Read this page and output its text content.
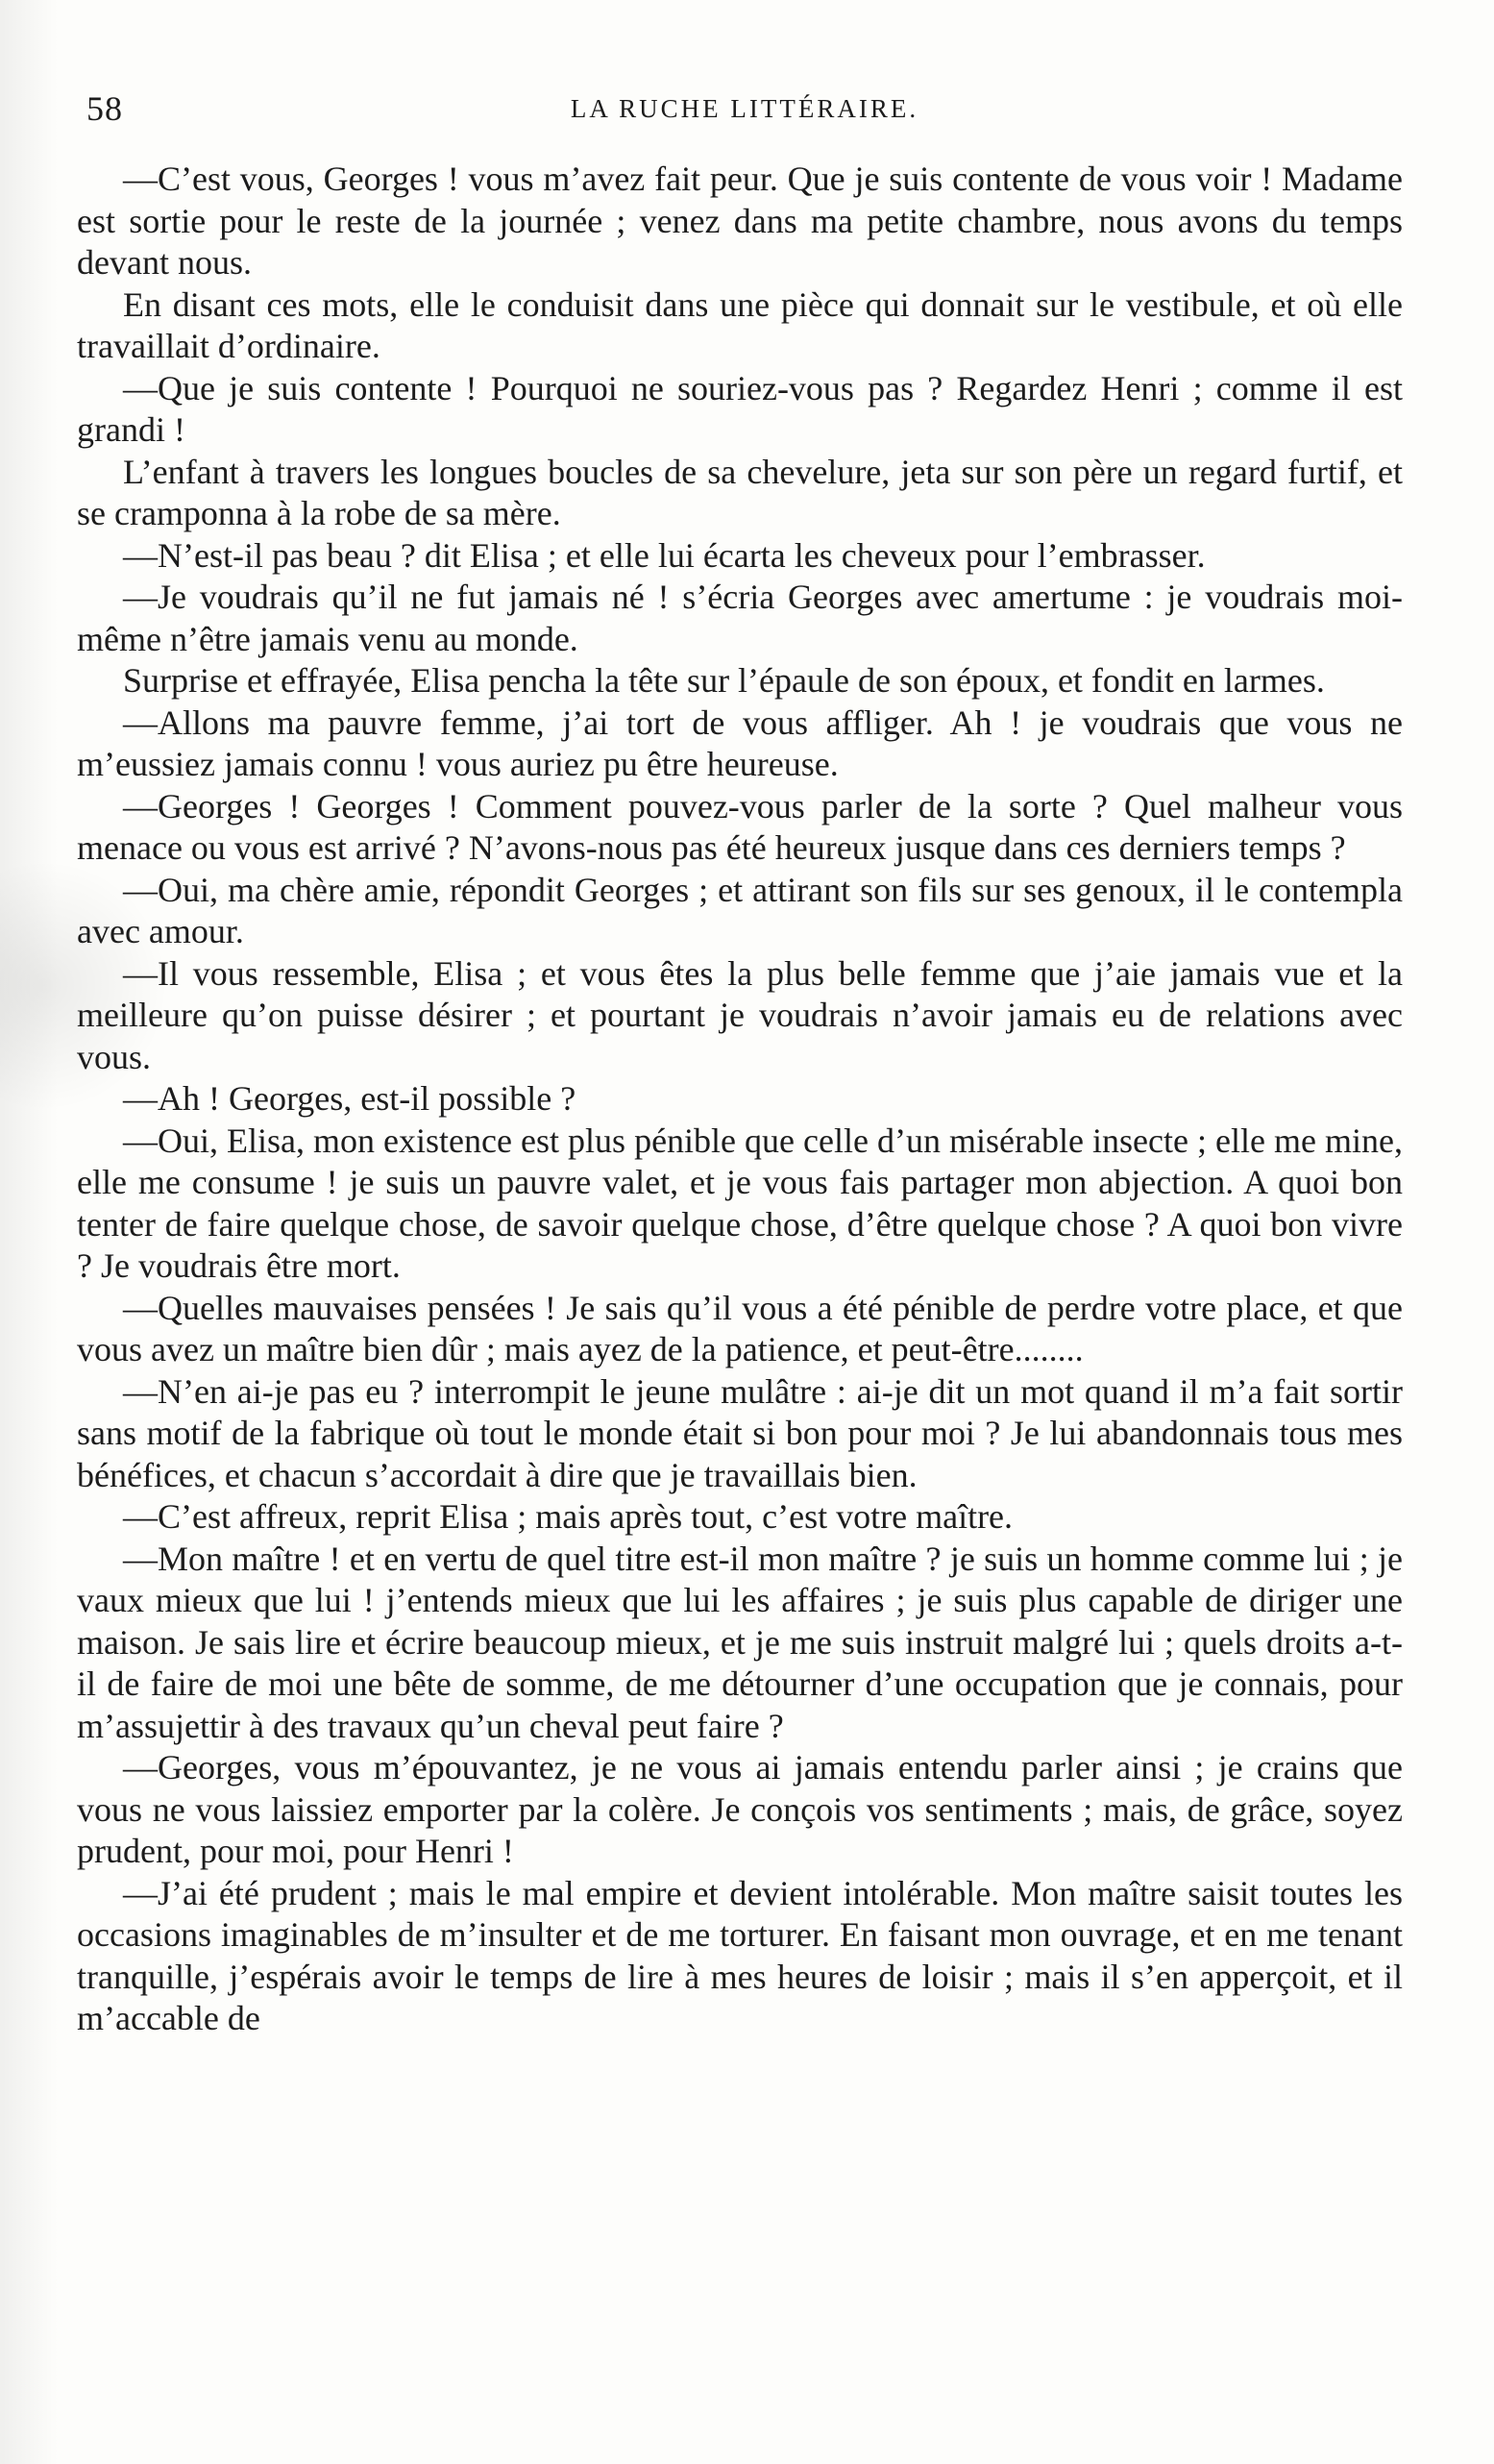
58	LA RUCHE LITTÉRAIRE.

—C’est vous, Georges ! vous m’avez fait peur. Que je suis contente de vous voir ! Madame est sortie pour le reste de la journée ; venez dans ma petite chambre, nous avons du temps devant nous.

En disant ces mots, elle le conduisit dans une pièce qui donnait sur le vestibule, et où elle travaillait d’ordinaire.

—Que je suis contente ! Pourquoi ne souriez-vous pas ? Regardez Henri ; comme il est grandi !

L’enfant à travers les longues boucles de sa chevelure, jeta sur son père un regard furtif, et se cramponna à la robe de sa mère.

—N’est-il pas beau ? dit Elisa ; et elle lui écarta les cheveux pour l’embrasser.

—Je voudrais qu’il ne fut jamais né ! s’écria Georges avec amertume : je voudrais moi-même n’être jamais venu au monde.

Surprise et effrayée, Elisa pencha la tête sur l’épaule de son époux, et fondit en larmes.

—Allons ma pauvre femme, j’ai tort de vous affliger. Ah ! je voudrais que vous ne m’eussiez jamais connu ! vous auriez pu être heureuse.

—Georges ! Georges ! Comment pouvez-vous parler de la sorte ? Quel malheur vous menace ou vous est arrivé ? N’avons-nous pas été heureux jusque dans ces derniers temps ?

—Oui, ma chère amie, répondit Georges ; et attirant son fils sur ses genoux, il le contempla avec amour.

—Il vous ressemble, Elisa ; et vous êtes la plus belle femme que j’aie jamais vue et la meilleure qu’on puisse désirer ; et pourtant je voudrais n’avoir jamais eu de relations avec vous.

—Ah ! Georges, est-il possible ?

—Oui, Elisa, mon existence est plus pénible que celle d’un misérable insecte ; elle me mine, elle me consume ! je suis un pauvre valet, et je vous fais partager mon abjection. A quoi bon tenter de faire quelque chose, de savoir quelque chose, d’être quelque chose ? A quoi bon vivre ? Je voudrais être mort.

—Quelles mauvaises pensées ! Je sais qu’il vous a été pénible de perdre votre place, et que vous avez un maître bien dûr ; mais ayez de la patience, et peut-être........

—N’en ai-je pas eu ? interrompit le jeune mulâtre : ai-je dit un mot quand il m’a fait sortir sans motif de la fabrique où tout le monde était si bon pour moi ? Je lui abandonnais tous mes bénéfices, et chacun s’accordait à dire que je travaillais bien.

—C’est affreux, reprit Elisa ; mais après tout, c’est votre maître.

—Mon maître ! et en vertu de quel titre est-il mon maître ? je suis un homme comme lui ; je vaux mieux que lui ! j’entends mieux que lui les affaires ; je suis plus capable de diriger une maison. Je sais lire et écrire beaucoup mieux, et je me suis instruit malgré lui ; quels droits a-t-il de faire de moi une bête de somme, de me détourner d’une occupation que je connais, pour m’assujettir à des travaux qu’un cheval peut faire ?

—Georges, vous m’épouvantez, je ne vous ai jamais entendu parler ainsi ; je crains que vous ne vous laissiez emporter par la colère. Je conçois vos sentiments ; mais, de grâce, soyez prudent, pour moi, pour Henri !

—J’ai été prudent ; mais le mal empire et devient intolérable. Mon maître saisit toutes les occasions imaginables de m’insulter et de me torturer. En faisant mon ouvrage, et en me tenant tranquille, j’espérais avoir le temps de lire à mes heures de loisir ; mais il s’en apperçoit, et il m’accable de
